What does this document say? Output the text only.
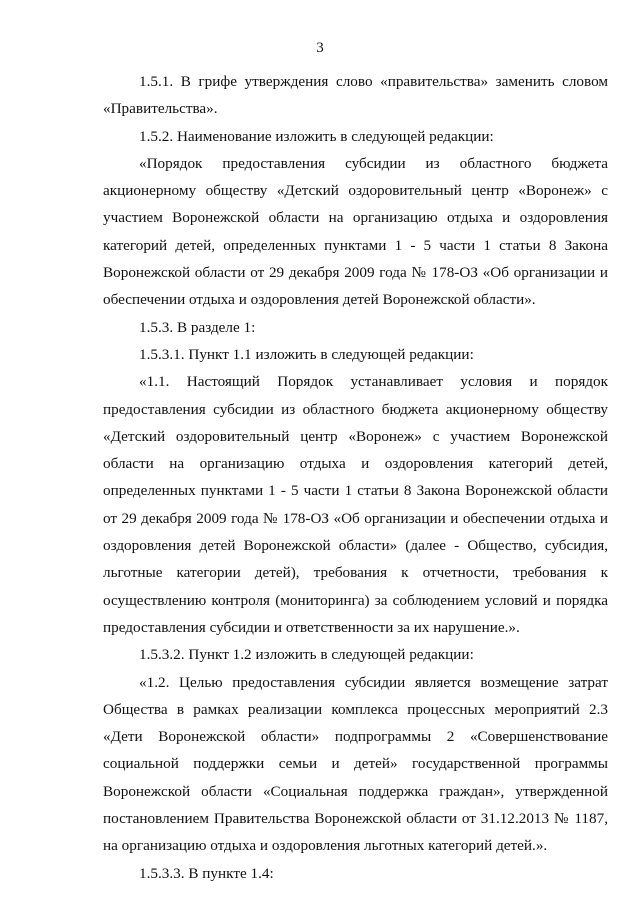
3

1.5.1. В грифе утверждения слово «правительства» заменить словом
«Правительства».

1.5.2. Наименование изложить в следующей редакции:

«Порядок предоставления субсидии из областного бюджета
акционерному обществу «Детский оздоровительный центр «Воронеж» с
участием Воронежской области на организацию отдыха и оздоровления
категорий детей, определенных пунктами 1 - 5 части 1 статьи 8 Закона
Воронежской области от 29 декабря 2009 года № 178-ОЗ «Об организации и
обеспечении отдыха и оздоровления детей Воронежской области».

1.5.3. В разделе 1:

1.5.3.1. Пункт 1.1 изложить в следующей редакции:

«1.1. Настоящий Порядок устанавливает условия и порядок
предоставления субсидии из областного бюджета акционерному обществу
«Детский оздоровительный центр «Воронеж» с участием Воронежской
области на организацию отдыха и оздоровления категорий детей,
определенных пунктами 1 - 5 части 1 статьи 8 Закона Воронежской области
от 29 декабря 2009 года № 178-ОЗ «Об организации и обеспечении отдыха и
оздоровления детей Воронежской области» (далее - Общество, субсидия,
льготные категории детей), требования к отчетности, требования к
осуществлению контроля (мониторинга) за соблюдением условий и порядка
предоставления субсидии и ответственности за их нарушение.».

1.5.3.2. Пункт 1.2 изложить в следующей редакции:

«1.2. Целью предоставления субсидии является возмещение затрат
Общества в рамках реализации комплекса процессных мероприятий 2.3
«Дети Воронежской области» подпрограммы 2 «Совершенствование
социальной поддержки семьи и детей» государственной программы
Воронежской области «Социальная поддержка граждан», утвержденной
постановлением Правительства Воронежской области от 31.12.2013 № 1187,
на организацию отдыха и оздоровления льготных категорий детей.».

1.5.3.3. В пункте 1.4:
